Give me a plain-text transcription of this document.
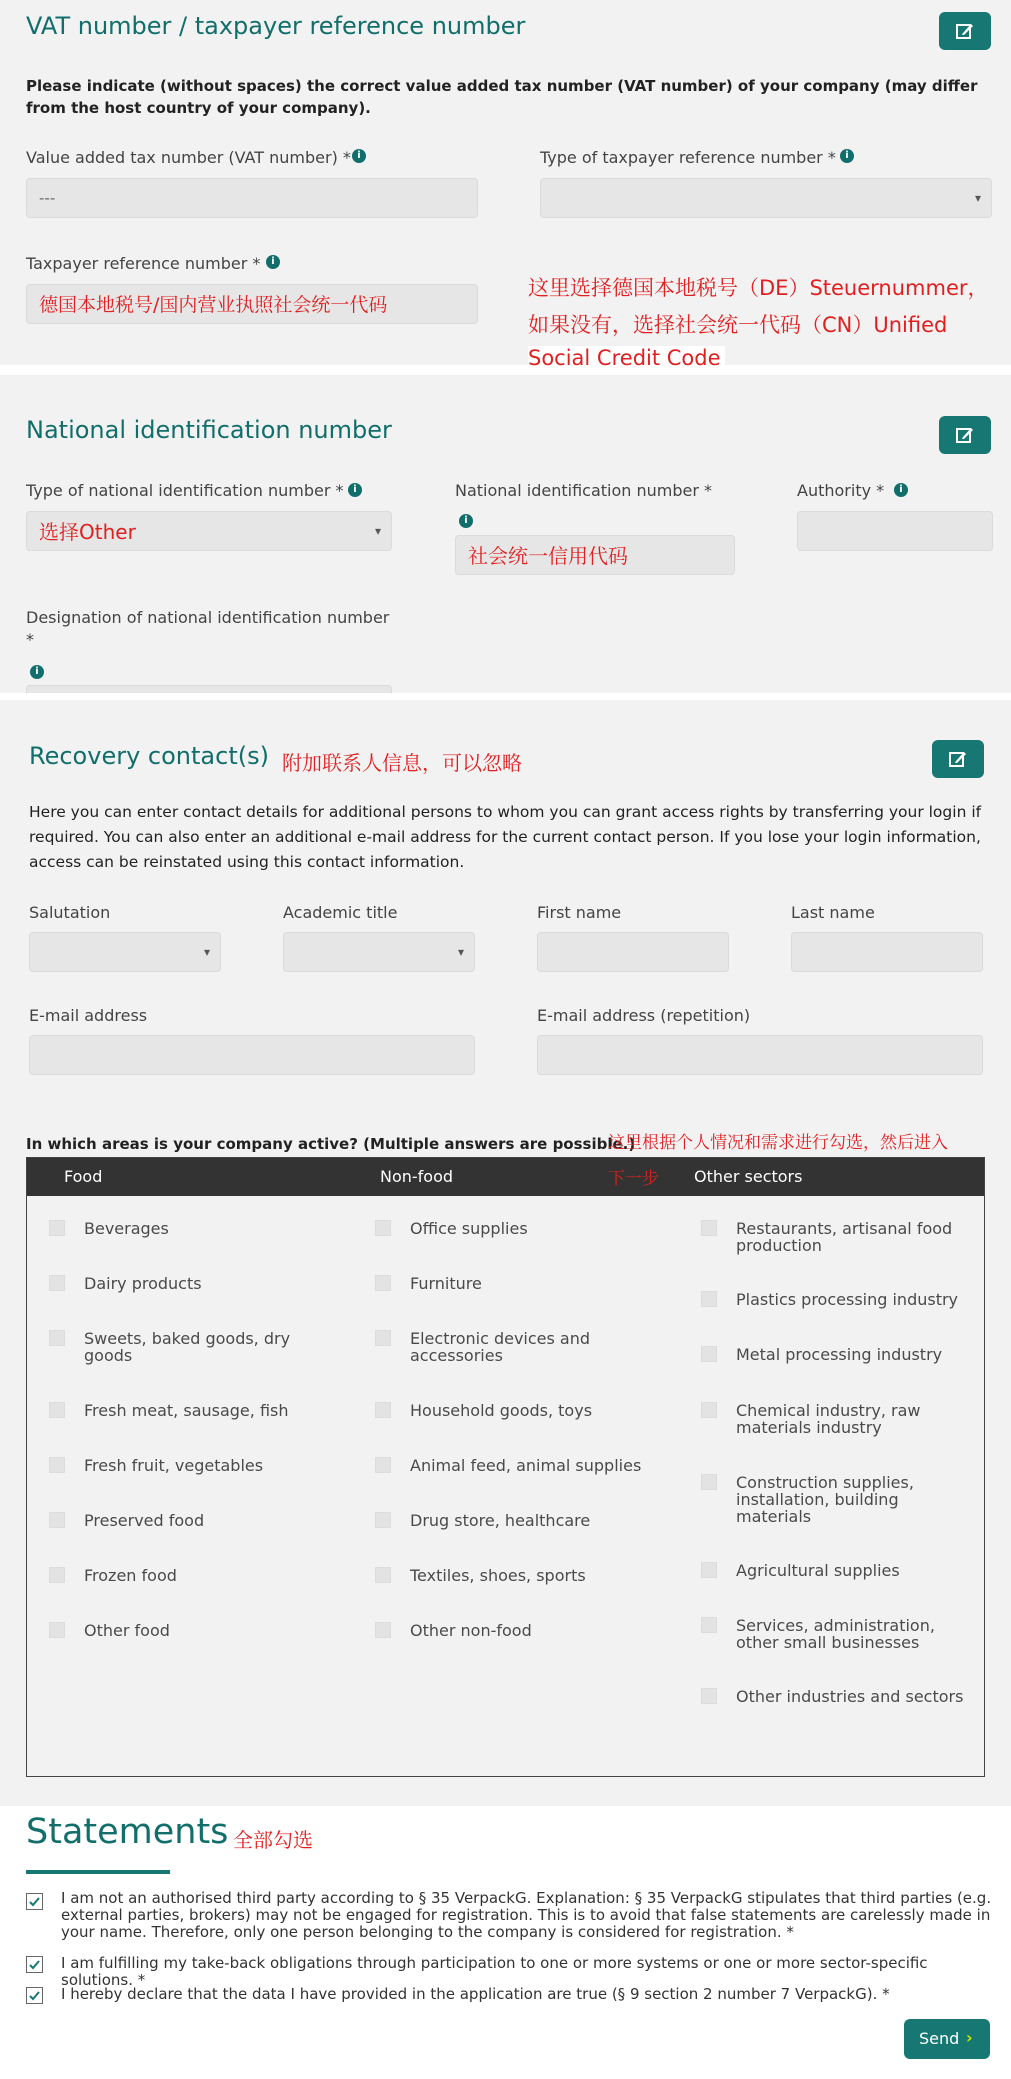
VAT number / taxpayer reference number
Please indicate (without spaces) the correct value added tax number (VAT number) of your company (may differ from the host country of your company).
Value added tax number (VAT number) * i
---
Type of taxpayer reference number * i
▾
Taxpayer reference number *	i
德国本地税号/国内营业执照社会统一代码
这里选择德国本地税号（DE）Steuernummer，
如果没有，选择社会统一代码（CN）Unified
Social Credit Code
National identification number
Type of national identification number * i
选择Other
▾
National identification number *
i
社会统一信用代码
Authority *	i
Designation of national identification number
*
i
Recovery contact(s) 附加联系人信息，可以忽略
Here you can enter contact details for additional persons to whom you can grant access rights by transferring your login if required. You can also enter an additional e-mail address for the current contact person. If you lose your login information, access can be reinstated using this contact information.
Salutation
▾	Academic title
▾	First name	Last name
E-mail address	E-mail address (repetition)
In which areas is your company active? (Multiple answers are possible.)
这里根据个人情况和需求进行勾选，然后进入
下一步
Food	Non-food	Other sectors
Beverages
Dairy products
Sweets, baked goods, dry goods
Fresh meat, sausage, fish
Fresh fruit, vegetables
Preserved food
Frozen food
Other food
Office supplies
Furniture
Electronic devices and accessories
Household goods, toys
Animal feed, animal supplies
Drug store, healthcare
Textiles, shoes, sports
Other non-food
Restaurants, artisanal food production
Plastics processing industry
Metal processing industry
Chemical industry, raw materials industry
Construction supplies, installation, building materials
Agricultural supplies
Services, administration, other small businesses
Other industries and sectors
Statements 全部勾选
I am not an authorised third party according to § 35 VerpackG. Explanation: § 35 VerpackG stipulates that third parties (e.g. external parties, brokers) may not be engaged for registration. This is to avoid that false statements are carelessly made in your name. Therefore, only one person belonging to the company is considered for registration. *
I am fulfilling my take-back obligations through participation to one or more systems or one or more sector-specific solutions. *
I hereby declare that the data I have provided in the application are true (§ 9 section 2 number 7 VerpackG). *
Send ›
